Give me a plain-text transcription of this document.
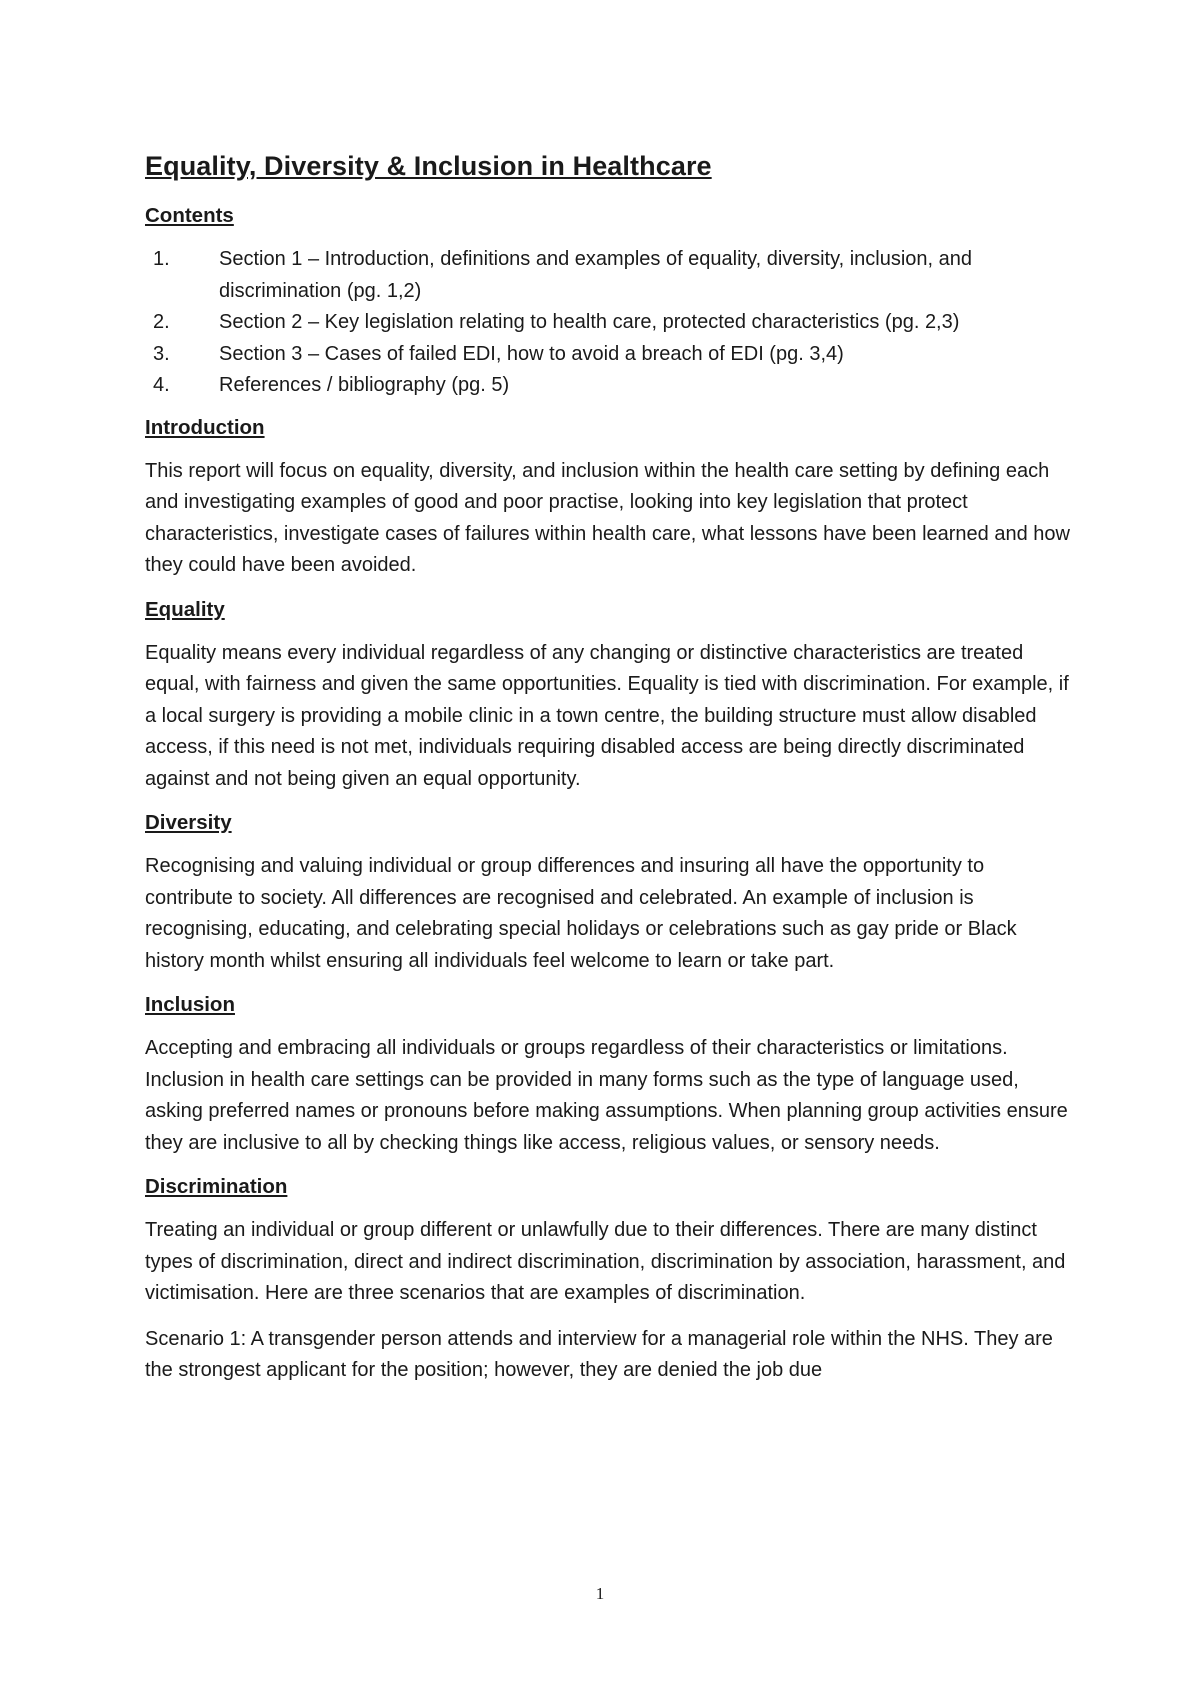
Equality, Diversity & Inclusion in Healthcare
Contents
1. Section 1 – Introduction, definitions and examples of equality, diversity, inclusion, and discrimination (pg. 1,2)
2. Section 2 – Key legislation relating to health care, protected characteristics (pg. 2,3)
3. Section 3 – Cases of failed EDI, how to avoid a breach of EDI (pg. 3,4)
4. References / bibliography (pg. 5)
Introduction

This report will focus on equality, diversity, and inclusion within the health care setting by defining each and investigating examples of good and poor practise, looking into key legislation that protect characteristics, investigate cases of failures within health care, what lessons have been learned and how they could have been avoided.

Equality

Equality means every individual regardless of any changing or distinctive characteristics are treated equal, with fairness and given the same opportunities. Equality is tied with discrimination. For example, if a local surgery is providing a mobile clinic in a town centre, the building structure must allow disabled access, if this need is not met, individuals requiring disabled access are being directly discriminated against and not being given an equal opportunity.

Diversity

Recognising and valuing individual or group differences and insuring all have the opportunity to contribute to society. All differences are recognised and celebrated. An example of inclusion is recognising, educating, and celebrating special holidays or celebrations such as gay pride or Black history month whilst ensuring all individuals feel welcome to learn or take part.

Inclusion

Accepting and embracing all individuals or groups regardless of their characteristics or limitations. Inclusion in health care settings can be provided in many forms such as the type of language used, asking preferred names or pronouns before making assumptions. When planning group activities ensure they are inclusive to all by checking things like access, religious values, or sensory needs.

Discrimination

Treating an individual or group different or unlawfully due to their differences. There are many distinct types of discrimination, direct and indirect discrimination, discrimination by association, harassment, and victimisation. Here are three scenarios that are examples of discrimination.

Scenario 1: A transgender person attends and interview for a managerial role within the NHS. They are the strongest applicant for the position; however, they are denied the job due

1
